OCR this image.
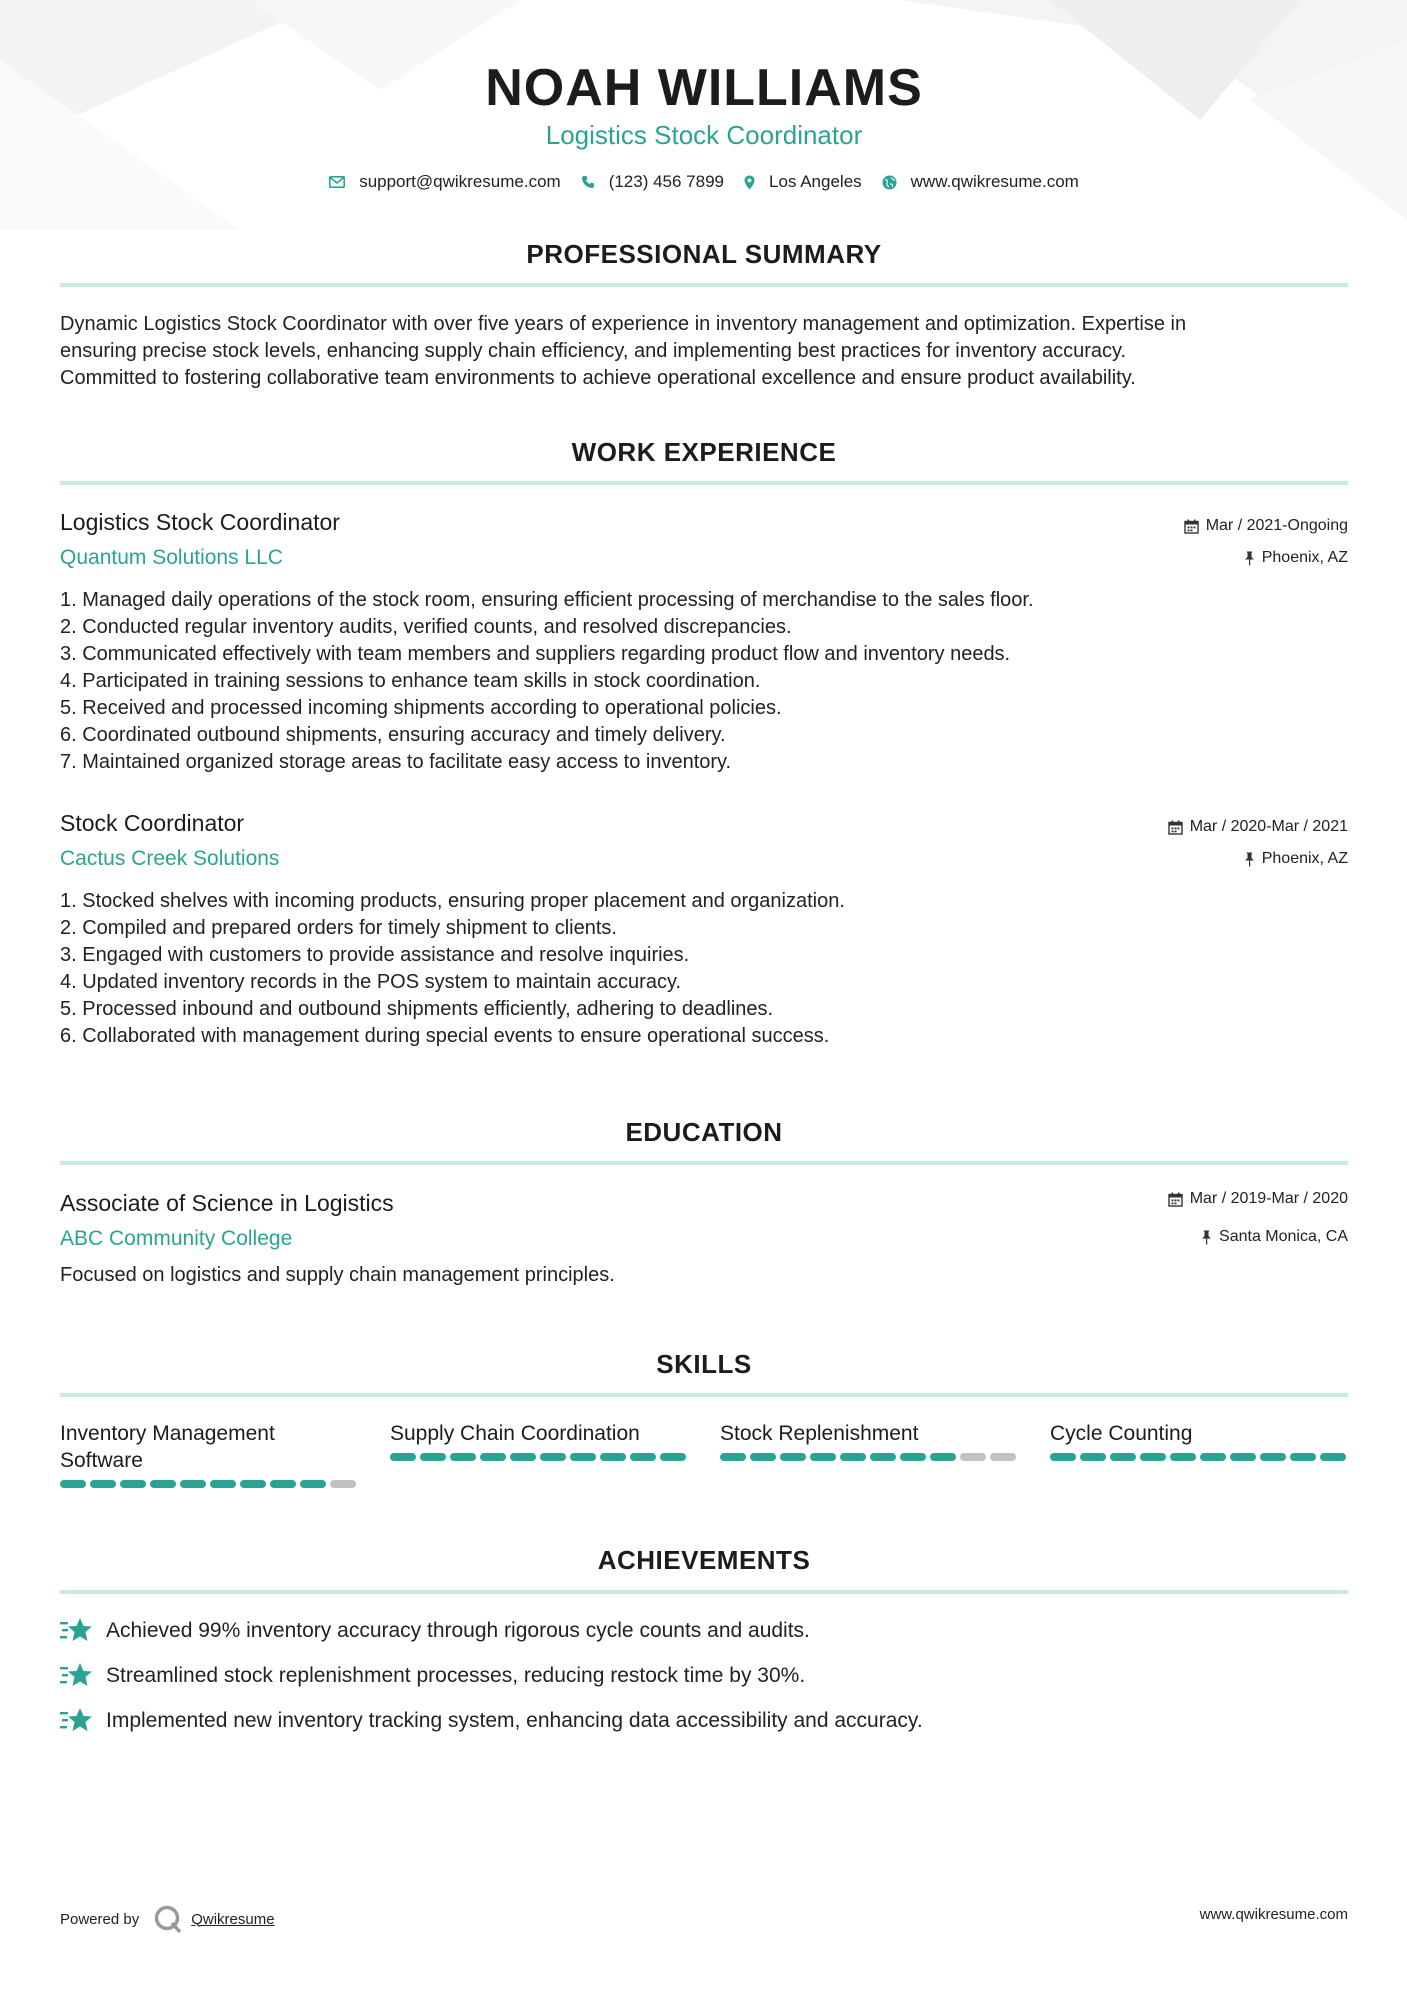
NOAH WILLIAMS
Logistics Stock Coordinator
support@qwikresume.com	(123) 456 7899	Los Angeles	www.qwikresume.com
PROFESSIONAL SUMMARY
Dynamic Logistics Stock Coordinator with over five years of experience in inventory management and optimization. Expertise in
ensuring precise stock levels, enhancing supply chain efficiency, and implementing best practices for inventory accuracy.
Committed to fostering collaborative team environments to achieve operational excellence and ensure product availability.
WORK EXPERIENCE
Logistics Stock Coordinator
Quantum Solutions LLC
Mar / 2021-Ongoing
Phoenix, AZ
1. Managed daily operations of the stock room, ensuring efficient processing of merchandise to the sales floor.
2. Conducted regular inventory audits, verified counts, and resolved discrepancies.
3. Communicated effectively with team members and suppliers regarding product flow and inventory needs.
4. Participated in training sessions to enhance team skills in stock coordination.
5. Received and processed incoming shipments according to operational policies.
6. Coordinated outbound shipments, ensuring accuracy and timely delivery.
7. Maintained organized storage areas to facilitate easy access to inventory.
Stock Coordinator
Cactus Creek Solutions
Mar / 2020-Mar / 2021
Phoenix, AZ
1. Stocked shelves with incoming products, ensuring proper placement and organization.
2. Compiled and prepared orders for timely shipment to clients.
3. Engaged with customers to provide assistance and resolve inquiries.
4. Updated inventory records in the POS system to maintain accuracy.
5. Processed inbound and outbound shipments efficiently, adhering to deadlines.
6. Collaborated with management during special events to ensure operational success.
EDUCATION
Associate of Science in Logistics
ABC Community College
Mar / 2019-Mar / 2020
Santa Monica, CA
Focused on logistics and supply chain management principles.
SKILLS
Inventory Management
Software
Supply Chain Coordination	Stock Replenishment	Cycle Counting
ACHIEVEMENTS
Achieved 99% inventory accuracy through rigorous cycle counts and audits.
Streamlined stock replenishment processes, reducing restock time by 30%.
Implemented new inventory tracking system, enhancing data accessibility and accuracy.
Powered by	Qwikresume	www.qwikresume.com
